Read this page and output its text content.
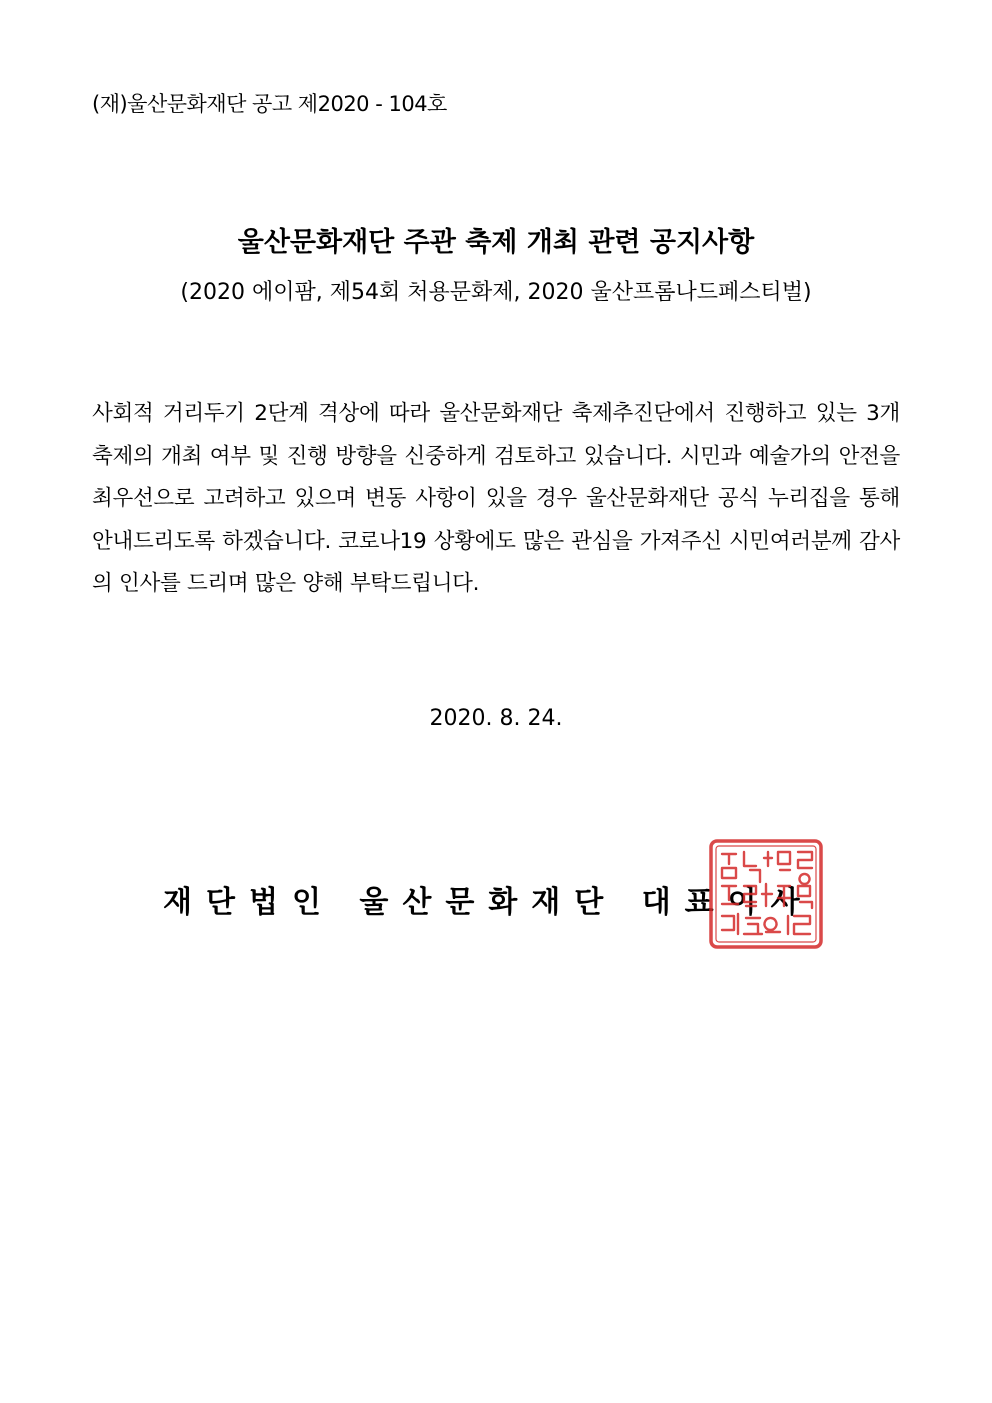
(재)울산문화재단 공고 제2020 - 104호
울산문화재단 주관 축제 개최 관련 공지사항
(2020 에이팜, 제54회 처용문화제, 2020 울산프롬나드페스티벌)
사회적 거리두기 2단계 격상에 따라 울산문화재단 축제추진단에서 진행하고 있는 3개 축제의 개최 여부 및 진행 방향을 신중하게 검토하고 있습니다. 시민과 예술가의 안전을 최우선으로 고려하고 있으며 변동 사항이 있을 경우 울산문화재단 공식 누리집을 통해 안내드리도록 하겠습니다. 코로나19 상황에도 많은 관심을 가져주신 시민여러분께 감사의 인사를 드리며 많은 양해 부탁드립니다.
2020. 8. 24.
재단법인 울산문화재단 대표이사
